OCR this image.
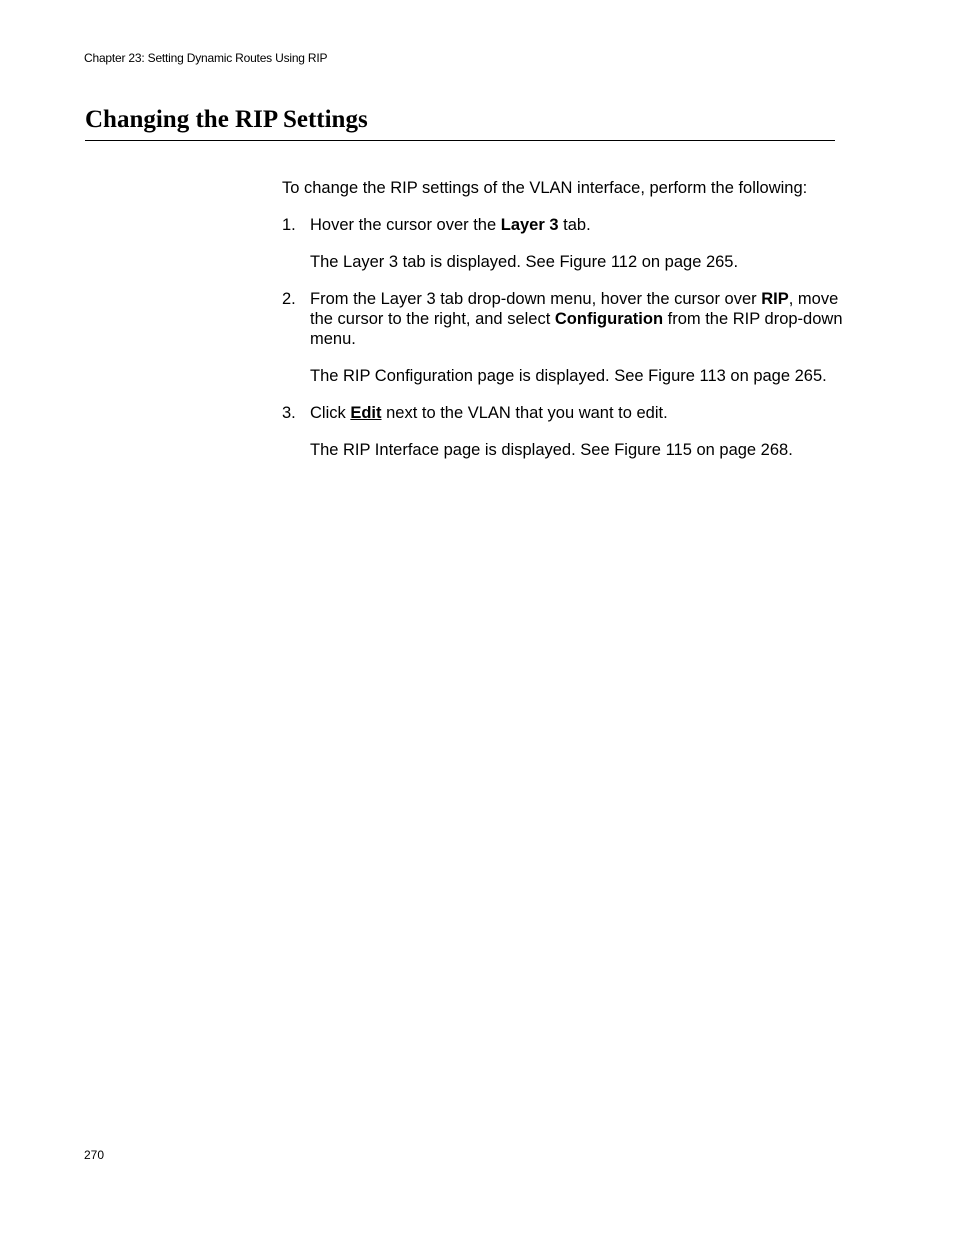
Chapter 23: Setting Dynamic Routes Using RIP
Changing the RIP Settings

To change the RIP settings of the VLAN interface, perform the following:

1. Hover the cursor over the Layer 3 tab.

The Layer 3 tab is displayed. See Figure 112 on page 265.

2. From the Layer 3 tab drop-down menu, hover the cursor over RIP, move the cursor to the right, and select Configuration from the RIP drop-down menu.

The RIP Configuration page is displayed. See Figure 113 on page 265.

3. Click Edit next to the VLAN that you want to edit.

The RIP Interface page is displayed. See Figure 115 on page 268.

270
